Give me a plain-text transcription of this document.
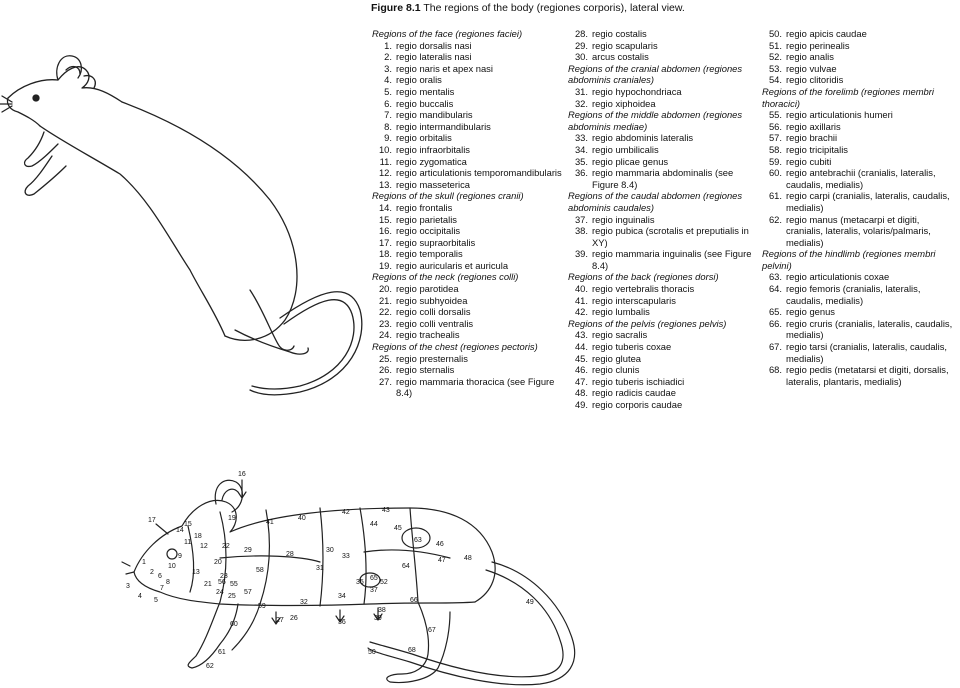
Figure 8.1 The regions of the body (regiones corporis), lateral view.
Regions of the face (regiones faciei)
1. regio dorsalis nasi
2. regio lateralis nasi
3. regio naris et apex nasi
4. regio oralis
5. regio mentalis
6. regio buccalis
7. regio mandibularis
8. regio intermandibularis
9. regio orbitalis
10. regio infraorbitalis
11. regio zygomatica
12. regio articulationis temporomandibularis
13. regio masseterica
Regions of the skull (regiones cranii)
14. regio frontalis
15. regio parietalis
16. regio occipitalis
17. regio supraorbitalis
18. regio temporalis
19. regio auricularis et auricula
Regions of the neck (regiones colli)
20. regio parotidea
21. regio subhyoidea
22. regio colli dorsalis
23. regio colli ventralis
24. regio trachealis
Regions of the chest (regiones pectoris)
25. regio presternalis
26. regio sternalis
27. regio mammaria thoracica (see Figure 8.4)
28. regio costalis
29. regio scapularis
30. arcus costalis
Regions of the cranial abdomen (regiones abdominis craniales)
31. regio hypochondriaca
32. regio xiphoidea
Regions of the middle abdomen (regiones abdominis mediae)
33. regio abdominis lateralis
34. regio umbilicalis
35. regio plicae genus
36. regio mammaria abdominalis (see Figure 8.4)
Regions of the caudal abdomen (regiones abdominis caudales)
37. regio inguinalis
38. regio pubica (scrotalis et preputialis in XY)
39. regio mammaria inguinalis (see Figure 8.4)
Regions of the back (regiones dorsi)
40. regio vertebralis thoracis
41. regio interscapularis
42. regio lumbalis
Regions of the pelvis (regiones pelvis)
43. regio sacralis
44. regio tuberis coxae
45. regio glutea
46. regio clunis
47. regio tuberis ischiadici
48. regio radicis caudae
49. regio corporis caudae
50. regio apicis caudae
51. regio perinealis
52. regio analis
53. regio vulvae
54. regio clitoridis
Regions of the forelimb (regiones membri thoracici)
55. regio articulationis humeri
56. regio axillaris
57. regio brachii
58. regio tricipitalis
59. regio cubiti
60. regio antebrachii (cranialis, lateralis, caudalis, medialis)
61. regio carpi (cranialis, lateralis, caudalis, medialis)
62. regio manus (metacarpi et digiti, cranialis, lateralis, volaris/palmaris, medialis)
Regions of the hindlimb (regiones membri pelvini)
63. regio articulationis coxae
64. regio femoris (cranialis, lateralis, caudalis, medialis)
65. regio genus
66. regio cruris (cranialis, lateralis, caudalis, medialis)
67. regio tarsi (cranialis, lateralis, caudalis, medialis)
68. regio pedis (metatarsi et digiti, dorsalis, lateralis, plantaris, medialis)
1
2
3
4
5
6
7
8
9
10
11
12
13
14
15
16
17
18
19
20
21
22
23
24
25
26
27
28
29	30
31
32
33
34
35
36
37
38
39
40
41
42	43
44
45
46
47	48
49
50
52
55
56
57
58
59
60
61
62
63
64
65
66
67
68
